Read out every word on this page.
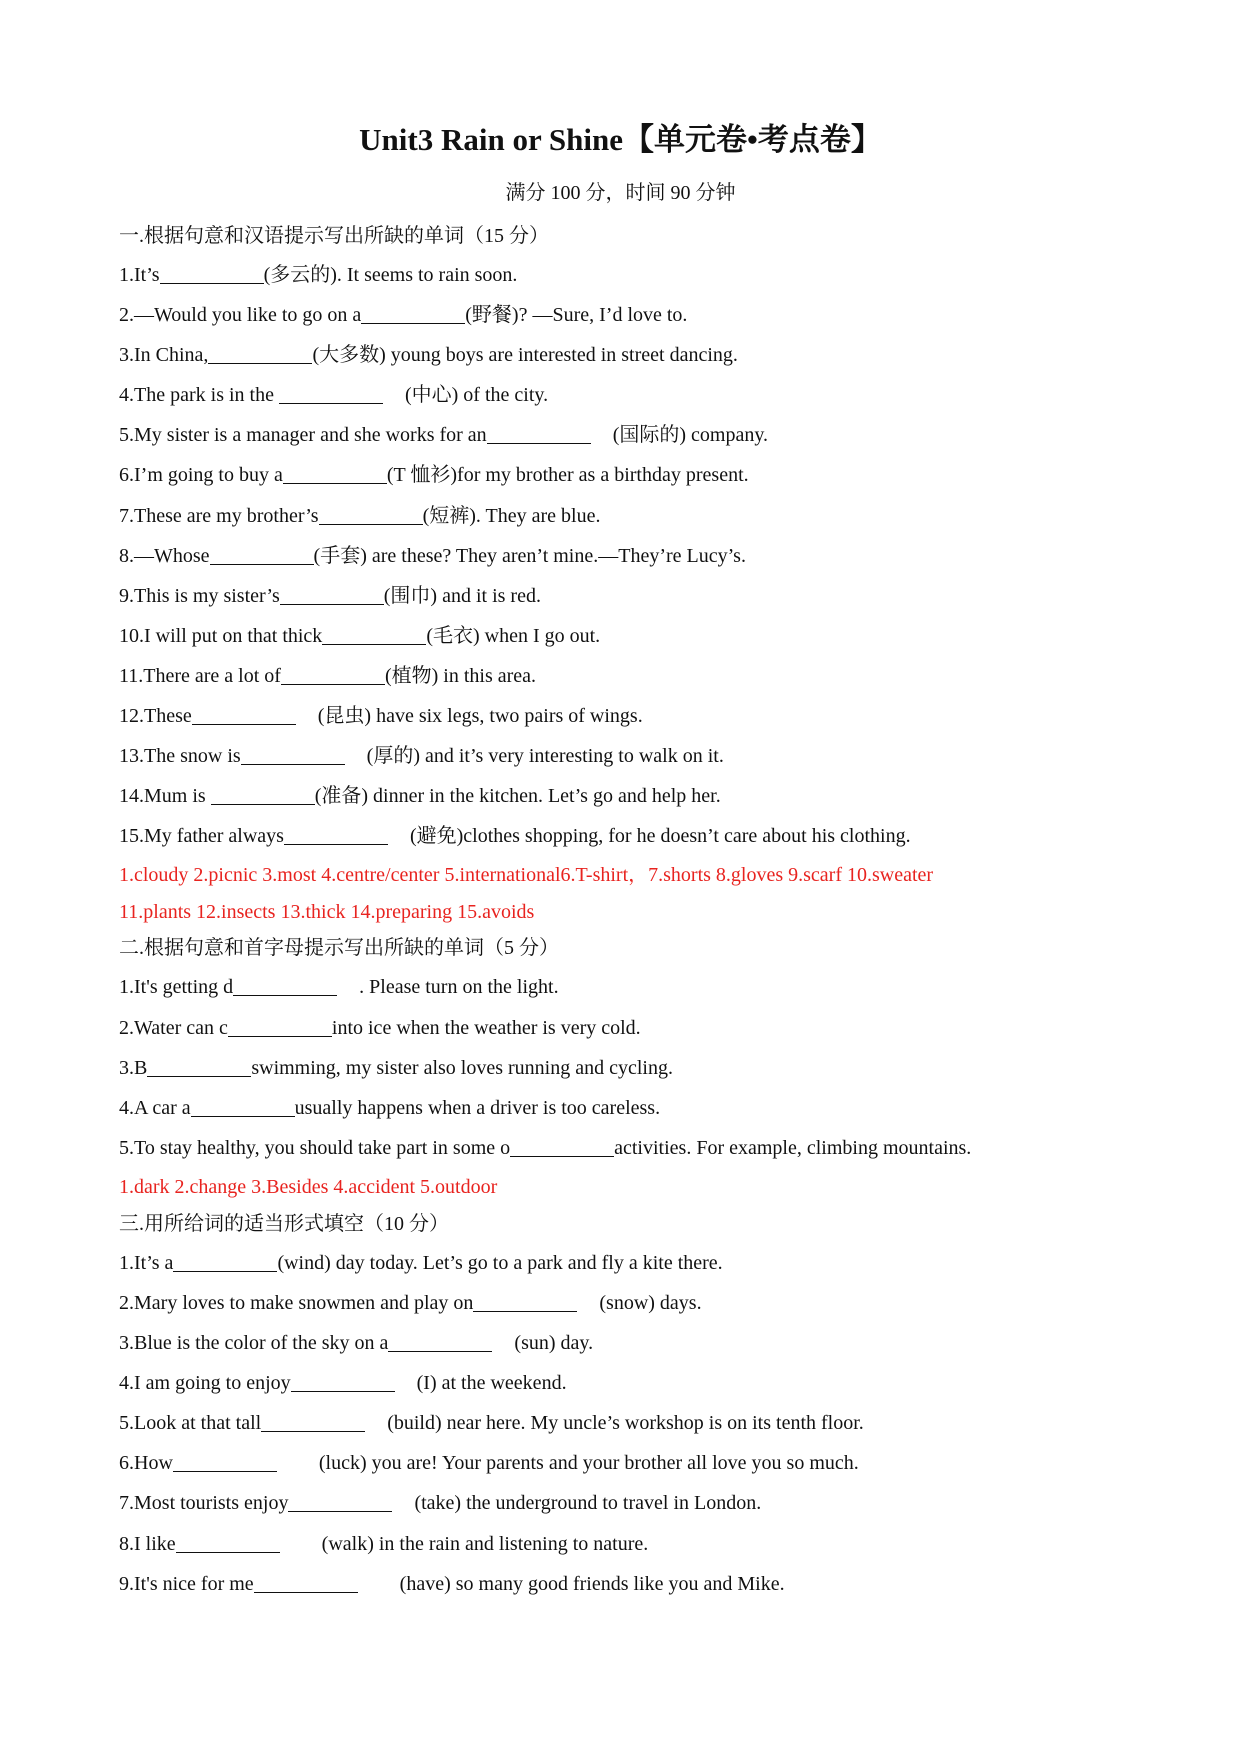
Unit3 Rain or Shine【单元卷•考点卷】
满分 100 分，时间 90 分钟
一.根据句意和汉语提示写出所缺的单词（15 分）
1.It’s	(多云的). It seems to rain soon.
2.—Would you like to go on a	(野餐)? —Sure, I’d love to.
3.In China,	(大多数) young boys are interested in street dancing.
4.The park is in the	(中心) of the city.
5.My sister is a manager and she works for an	(国际的) company.
6.I’m going to buy a	(T 恤衫)for my brother as a birthday present.
7.These are my brother’s	(短裤). They are blue.
8.—Whose	(手套) are these? They aren’t mine.—They’re Lucy’s.
9.This is my sister’s	(围巾) and it is red.
10.I will put on that thick	(毛衣) when I go out.
11.There are a lot of	(植物) in this area.
12.These	(昆虫) have six legs, two pairs of wings.
13.The snow is	(厚的) and it’s very interesting to walk on it.
14.Mum is	(准备) dinner in the kitchen. Let’s go and help her.
15.My father always	(避免)clothes shopping, for he doesn’t care about his clothing.
1.cloudy 2.picnic 3.most 4.centre/center 5.international6.T-shirt，7.shorts 8.gloves 9.scarf 10.sweater
11.plants 12.insects 13.thick 14.preparing 15.avoids
二.根据句意和首字母提示写出所缺的单词（5 分）
1.It's getting d	. Please turn on the light.
2.Water can c	into ice when the weather is very cold.
3.B	swimming, my sister also loves running and cycling.
4.A car a	usually happens when a driver is too careless.
5.To stay healthy, you should take part in some o	activities. For example, climbing mountains.
1.dark 2.change 3.Besides 4.accident 5.outdoor
三.用所给词的适当形式填空（10 分）
1.It’s a	(wind) day today. Let’s go to a park and fly a kite there.
2.Mary loves to make snowmen and play on	(snow) days.
3.Blue is the color of the sky on a	(sun) day.
4.I am going to enjoy	(I) at the weekend.
5.Look at that tall	(build) near here. My uncle’s workshop is on its tenth floor.
6.How	(luck) you are! Your parents and your brother all love you so much.
7.Most tourists enjoy	(take) the underground to travel in London.
8.I like	(walk) in the rain and listening to nature.
9.It's nice for me	(have) so many good friends like you and Mike.
